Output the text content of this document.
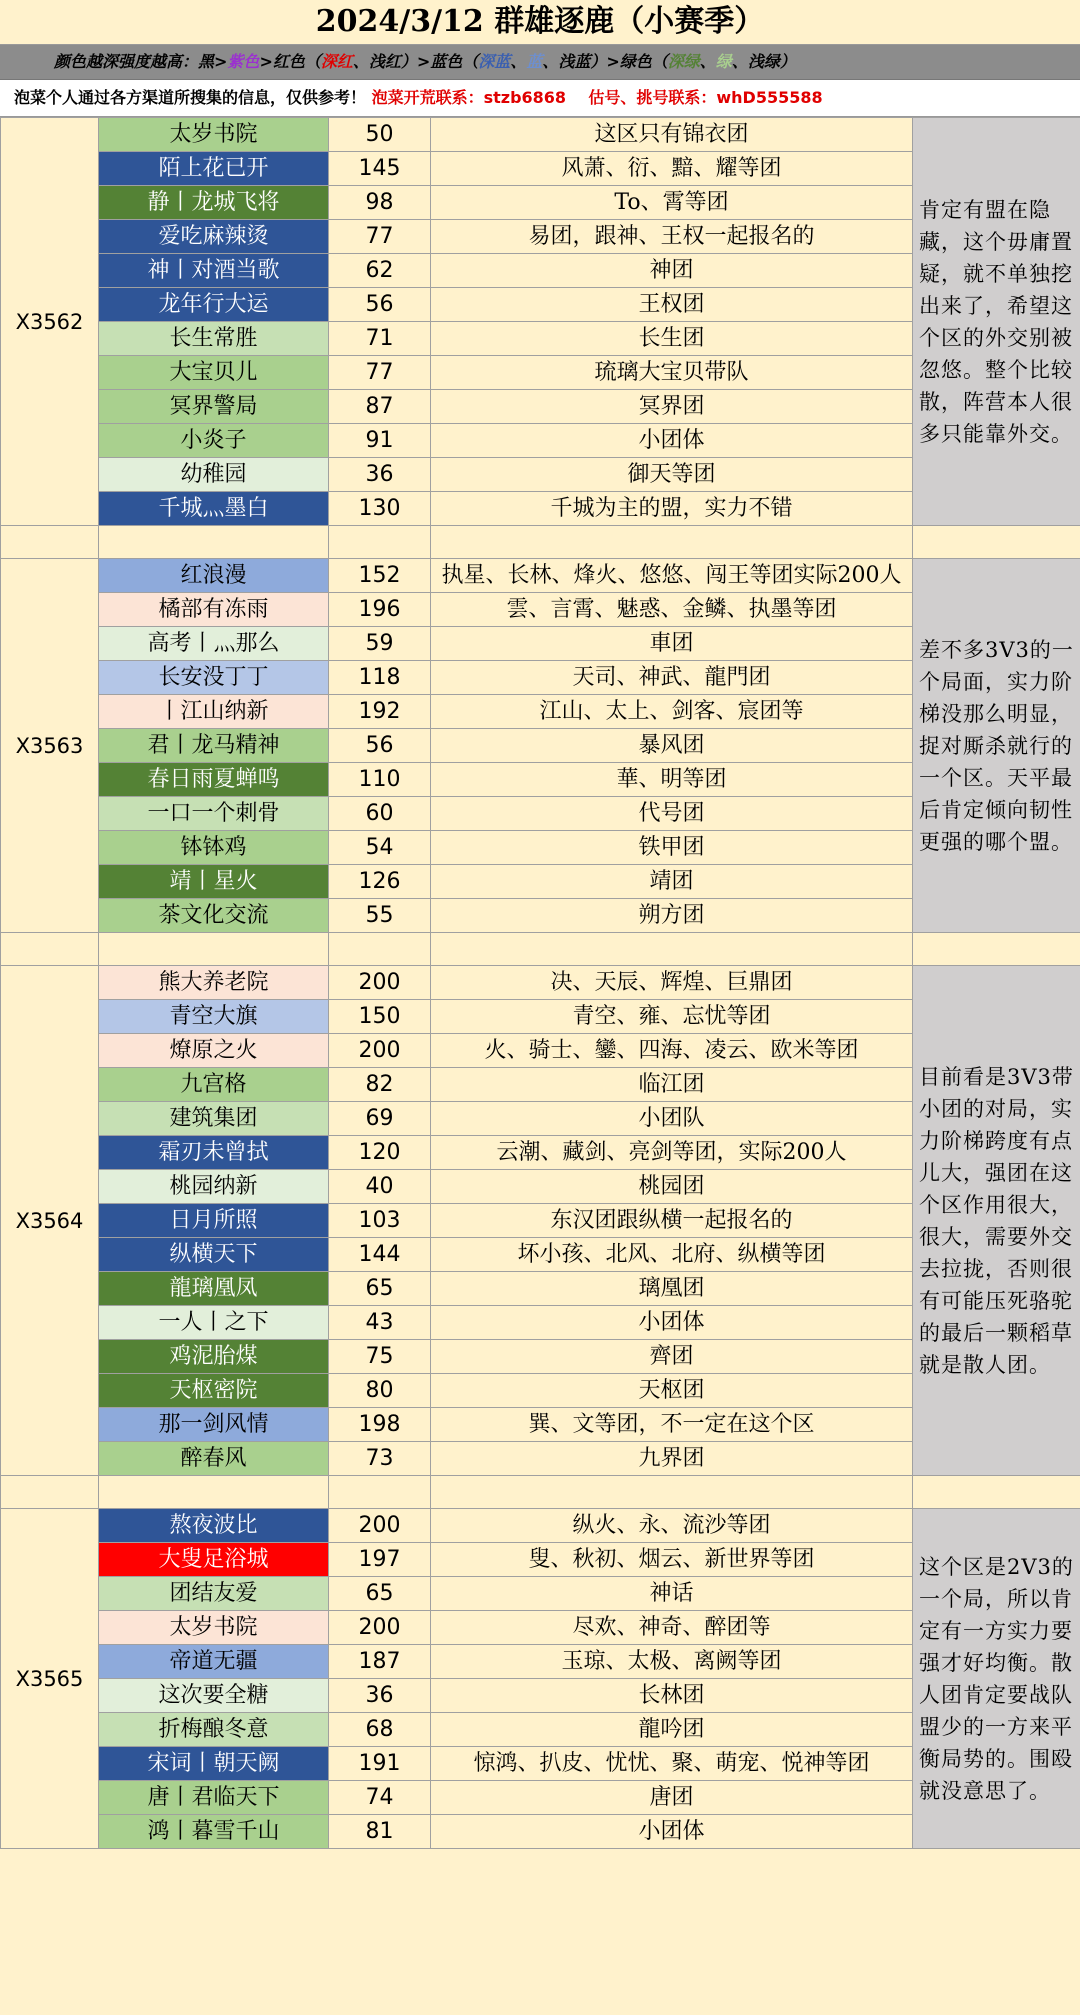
2024/3/12 群雄逐鹿（小赛季）
颜色越深强度越高：黑>紫色>红色（深红、浅红）>蓝色（深蓝、蓝、浅蓝）>绿色（深绿、绿、浅绿）
泡菜个人通过各方渠道所搜集的信息，仅供参考！ 泡菜开荒联系：stzb6868 估号、挑号联系：whD555588
X3562	太岁书院	50	这区只有锦衣团	肯定有盟在隐藏，这个毋庸置疑，就不单独挖出来了，希望这个区的外交别被忽悠。整个比较散，阵营本人很多只能靠外交。
	陌上花已开	145	风萧、衍、黯、耀等团	
	静丨龙城飞将	98	To、霄等团	
	爱吃麻辣烫	77	易团，跟神、王权一起报名的	
	神丨对酒当歌	62	神团	
	龙年行大运	56	王权团	
	长生常胜	71	长生团	
	大宝贝儿	77	琉璃大宝贝带队	
	冥界警局	87	冥界团	
	小炎子	91	小团体	
	幼稚园	36	御天等团	
	千城灬墨白	130	千城为主的盟，实力不错	

X3563	红浪漫	152	执星、长林、烽火、悠悠、闯王等团实际200人	差不多3V3的一个局面，实力阶梯没那么明显，捉对厮杀就行的一个区。天平最后肯定倾向韧性更强的哪个盟。
	橘部有冻雨	196	雲、言霄、魅惑、金鳞、执墨等团	
	高考丨灬那么	59	車团	
	长安没丁丁	118	天司、神武、龍門团	
	丨江山纳新	192	江山、太上、剑客、宸团等	
	君丨龙马精神	56	暴风团	
	春日雨夏蝉鸣	110	華、明等团	
	一口一个刺骨	60	代号团	
	钵钵鸡	54	铁甲团	
	靖丨星火	126	靖团	
	茶文化交流	55	朔方团	

X3564	熊大养老院	200	决、天辰、辉煌、巨鼎团	目前看是3V3带小团的对局，实力阶梯跨度有点儿大，强团在这个区作用很大，很大，需要外交去拉拢，否则很有可能压死骆驼的最后一颗稻草就是散人团。
	青空大旗	150	青空、雍、忘忧等团	
	燎原之火	200	火、骑士、鑾、四海、凌云、欧米等团	
	九宫格	82	临江团	
	建筑集团	69	小团队	
	霜刃未曾拭	120	云潮、藏剑、亮剑等团，实际200人	
	桃园纳新	40	桃园团	
	日月所照	103	东汉团跟纵横一起报名的	
	纵横天下	144	坏小孩、北风、北府、纵横等团	
	龍璃凰凤	65	璃凰团	
	一人丨之下	43	小团体	
	鸡泥胎煤	75	齊团	
	天枢密院	80	天枢团	
	那一剑风情	198	巽、文等团，不一定在这个区	
	醉春风	73	九界团	

X3565	熬夜波比	200	纵火、永、流沙等团	这个区是2V3的一个局，所以肯定有一方实力要强才好均衡。散人团肯定要战队盟少的一方来平衡局势的。围殴就没意思了。
	大叟足浴城	197	叟、秋初、烟云、新世界等团	
	团结友爱	65	神话	
	太岁书院	200	尽欢、神奇、醉团等	
	帝道无疆	187	玉琼、太极、离阙等团	
	这次要全糖	36	长林团	
	折梅酿冬意	68	龍吟团	
	宋词丨朝天阙	191	惊鸿、扒皮、忧忧、聚、萌宠、悦神等团	
	唐丨君临天下	74	唐团	
	鸿丨暮雪千山	81	小团体	
